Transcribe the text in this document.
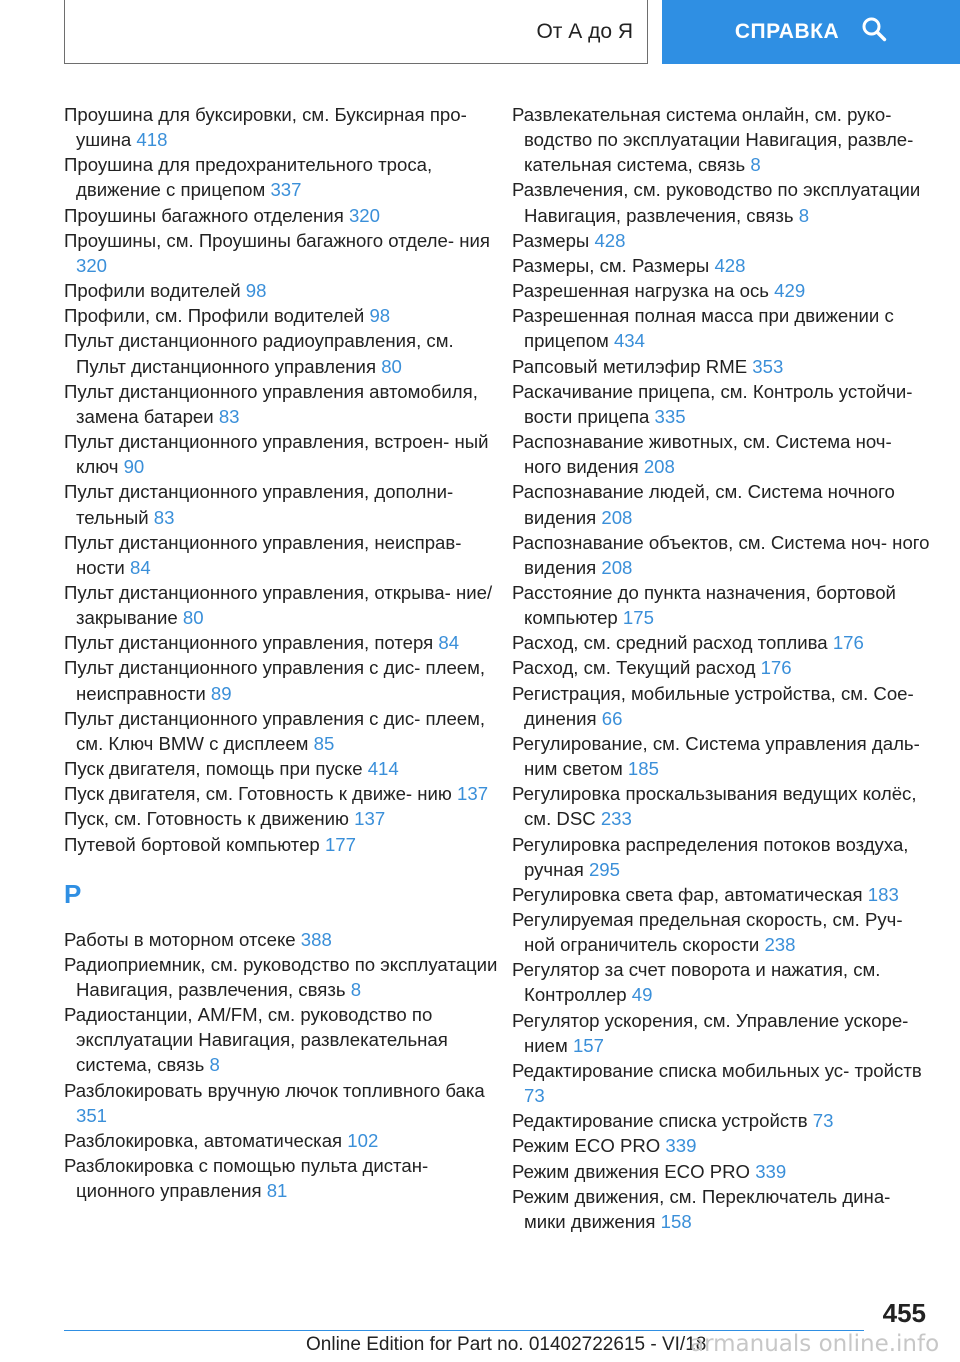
От А до Я	СПРАВКА
Проушина для буксировки, см. Буксирная про- ушина 418
Проушина для предохранительного троса, движение с прицепом 337
Проушины багажного отделения 320
Проушины, см. Проушины багажного отделе- ния 320
Профили водителей 98
Профили, см. Профили водителей 98
Пульт дистанционного радиоуправления, см. Пульт дистанционного управления 80
Пульт дистанционного управления автомобиля, замена батареи 83
Пульт дистанционного управления, встроен- ный ключ 90
Пульт дистанционного управления, дополни- тельный 83
Пульт дистанционного управления, неисправ- ности 84
Пульт дистанционного управления, открыва- ние/закрывание 80
Пульт дистанционного управления, потеря 84
Пульт дистанционного управления с дис- плеем, неисправности 89
Пульт дистанционного управления с дис- плеем, см. Ключ BMW с дисплеем 85
Пуск двигателя, помощь при пуске 414
Пуск двигателя, см. Готовность к движе- нию 137
Пуск, см. Готовность к движению 137
Путевой бортовой компьютер 177
Р
Работы в моторном отсеке 388
Радиоприемник, см. руководство по эксплуатации Навигация, развлечения, связь 8
Радиостанции, AM/FM, см. руководство по эксплуатации Навигация, развлекательная система, связь 8
Разблокировать вручную лючок топливного бака 351
Разблокировка, автоматическая 102
Разблокировка с помощью пульта дистан- ционного управления 81
Развлекательная система онлайн, см. руко- водство по эксплуатации Навигация, развле- кательная система, связь 8
Развлечения, см. руководство по эксплуатации Навигация, развлечения, связь 8
Размеры 428
Размеры, см. Размеры 428
Разрешенная нагрузка на ось 429
Разрешенная полная масса при движении с прицепом 434
Рапсовый метилэфир RME 353
Раскачивание прицепа, см. Контроль устойчи- вости прицепа 335
Распознавание животных, см. Система ноч- ного видения 208
Распознавание людей, см. Система ночного видения 208
Распознавание объектов, см. Система ноч- ного видения 208
Расстояние до пункта назначения, бортовой компьютер 175
Расход, см. средний расход топлива 176
Расход, см. Текущий расход 176
Регистрация, мобильные устройства, см. Сое- динения 66
Регулирование, см. Система управления даль- ним светом 185
Регулировка проскальзывания ведущих колёс, см. DSC 233
Регулировка распределения потоков воздуха, ручная 295
Регулировка света фар, автоматическая 183
Регулируемая предельная скорость, см. Руч- ной ограничитель скорости 238
Регулятор за счет поворота и нажатия, см. Контроллер 49
Регулятор ускорения, см. Управление ускоре- нием 157
Редактирование списка мобильных ус- тройств 73
Редактирование списка устройств 73
Режим ECO PRO 339
Режим движения ECO PRO 339
Режим движения, см. Переключатель дина- мики движения 158
455
Online Edition for Part no. 01402722615 - VI/18
armanuals online.info
